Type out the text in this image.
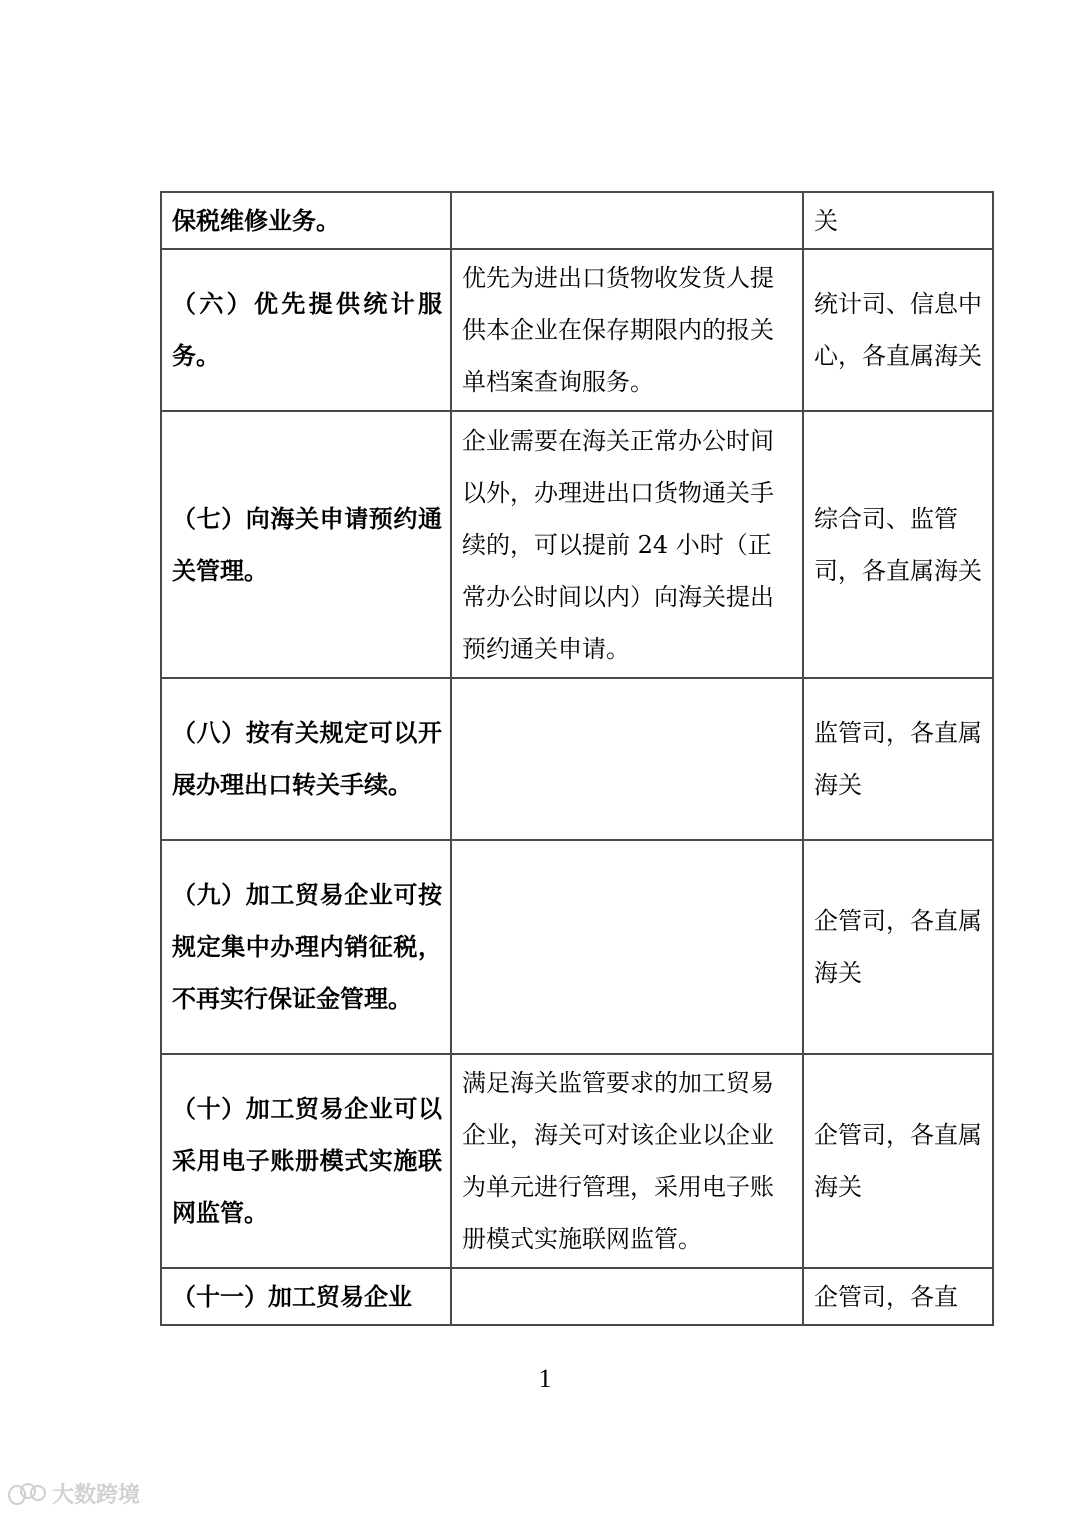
保税维修业务。		关
（六）优先提供统计服务。	优先为进出口货物收发货人提供本企业在保存期限内的报关单档案查询服务。	统计司、信息中心，各直属海关
（七）向海关申请预约通关管理。	企业需要在海关正常办公时间以外，办理进出口货物通关手续的，可以提前 24 小时（正常办公时间以内）向海关提出预约通关申请。	综合司、监管司，各直属海关
（八）按有关规定可以开展办理出口转关手续。		监管司，各直属海关
（九）加工贸易企业可按规定集中办理内销征税，不再实行保证金管理。		企管司，各直属海关
（十）加工贸易企业可以采用电子账册模式实施联网监管。	满足海关监管要求的加工贸易企业，海关可对该企业以企业为单元进行管理，采用电子账册模式实施联网监管。	企管司，各直属海关
（十一）加工贸易企业		企管司，各直
1
大数跨境
